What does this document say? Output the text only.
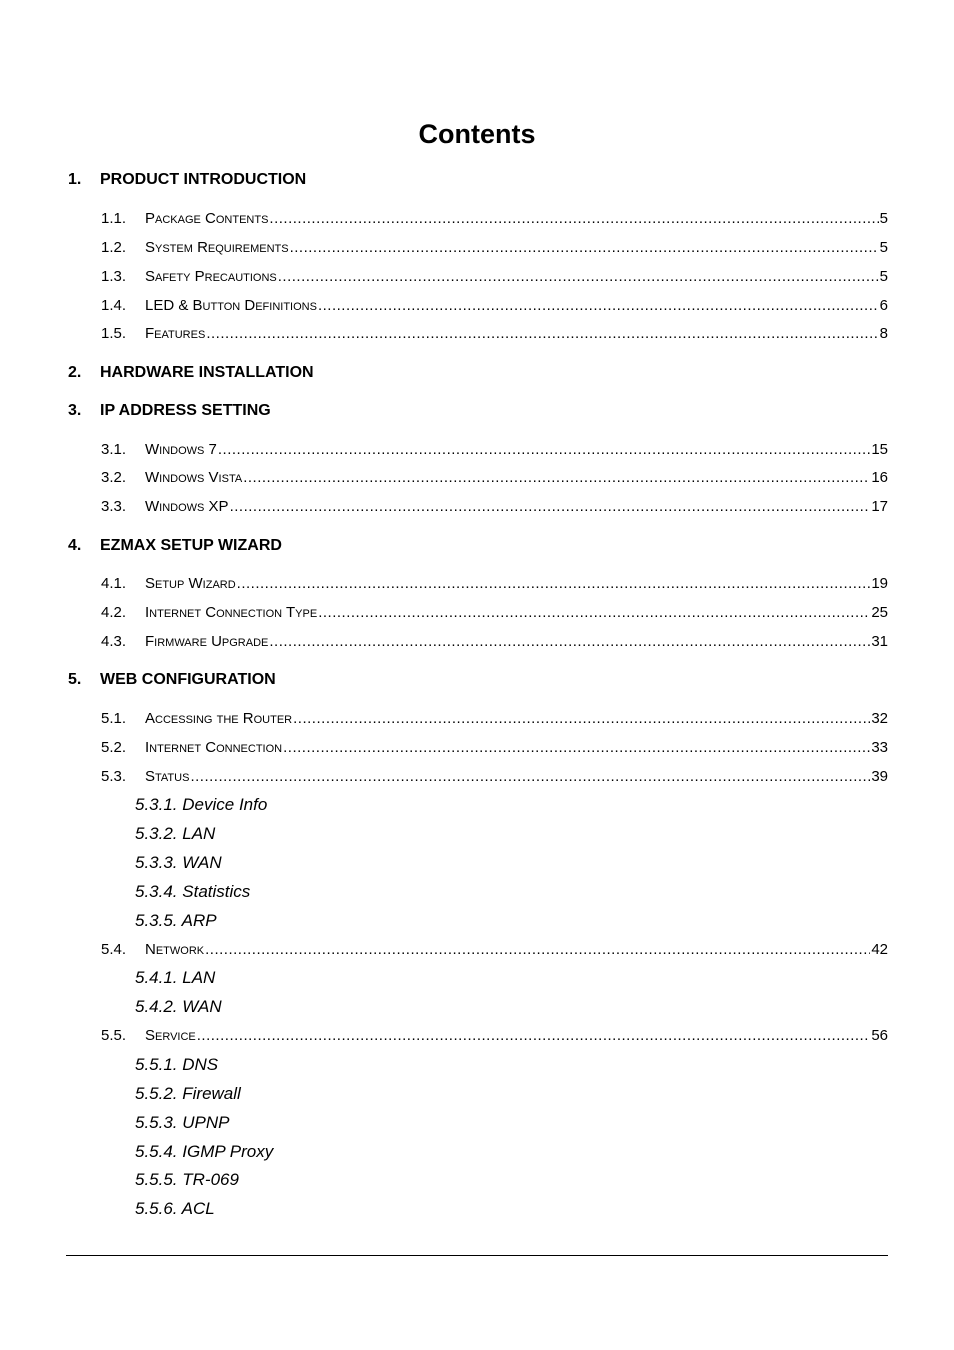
Contents
1. PRODUCT INTRODUCTION
1.1. Package Contents .....	5
1.2. System Requirements .....	5
1.3. Safety Precautions .....	5
1.4. LED & Button Definitions .....	6
1.5. Features .....	8
2. HARDWARE INSTALLATION
3. IP ADDRESS SETTING
3.1. Windows 7 .....	15
3.2. Windows Vista .....	16
3.3. Windows XP .....	17
4. EZMAX SETUP WIZARD
4.1. Setup Wizard .....	19
4.2. Internet Connection Type .....	25
4.3. Firmware Upgrade .....	31
5. WEB CONFIGURATION
5.1. Accessing the Router .....	32
5.2. Internet Connection .....	33
5.3. Status .....	39
5.3.1. Device Info
5.3.2. LAN
5.3.3. WAN
5.3.4. Statistics
5.3.5. ARP
5.4. Network .....	42
5.4.1. LAN
5.4.2. WAN
5.5. Service .....	56
5.5.1. DNS
5.5.2. Firewall
5.5.3. UPNP
5.5.4. IGMP Proxy
5.5.5. TR-069
5.5.6. ACL
